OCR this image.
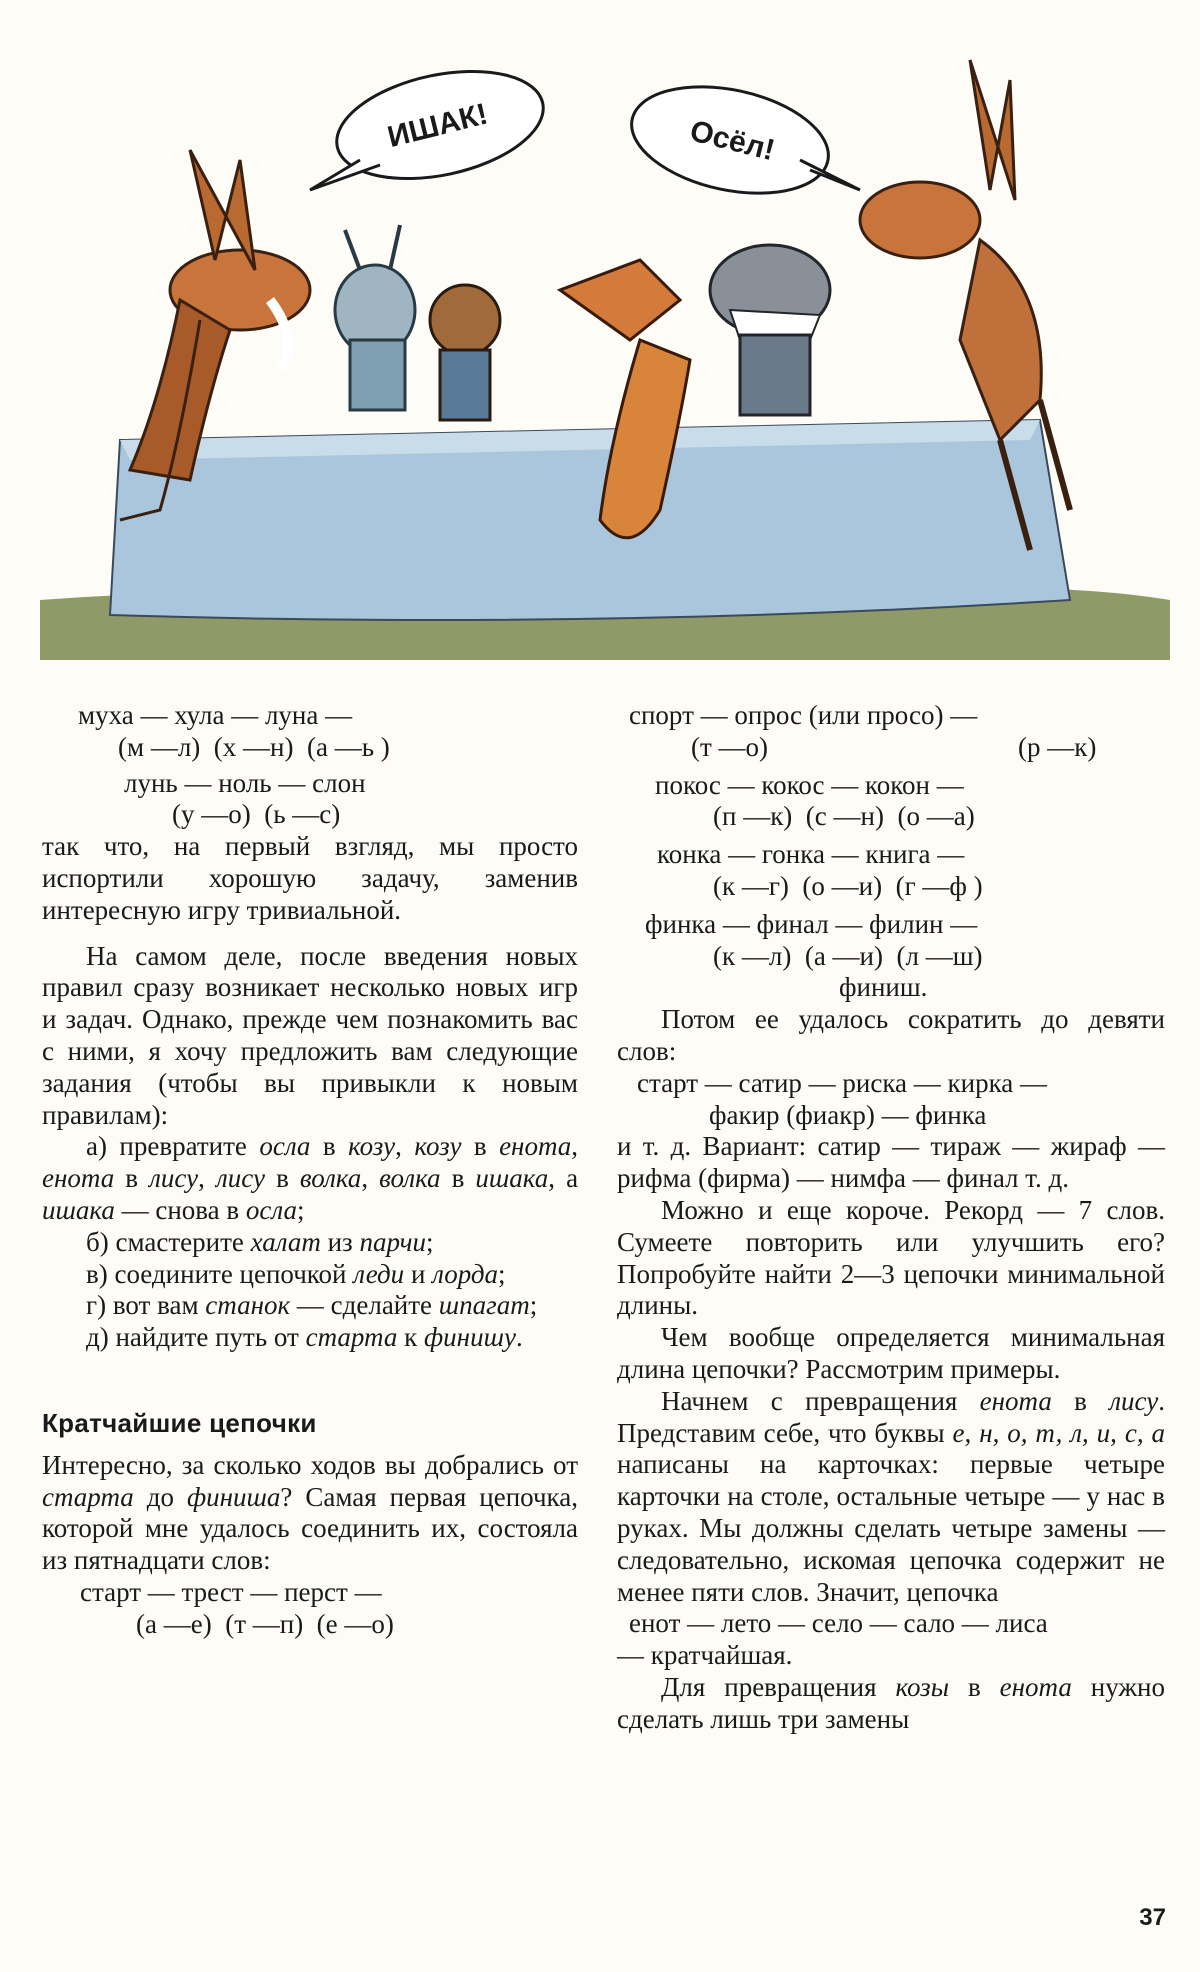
ИШАК!	Осёл!

муха — хула — луна —

(м —л)  (х —н)  (а —ь )

лунь — ноль — слон

(у —о)  (ь —с)

так что, на первый взгляд, мы просто испортили хорошую задачу, заменив интересную игру тривиальной.

На самом деле, после введения новых правил сразу возникает несколько новых игр и задач. Однако, прежде чем познакомить вас с ними, я хочу предложить вам следующие задания (чтобы вы привыкли к новым правилам):

а) превратите осла в козу, козу в енота, енота в лису, лису в волка, волка в ишака, а ишака — снова в осла;

б) смастерите халат из парчи;

в) соедините цепочкой леди и лорда;

г) вот вам станок — сделайте шпагат;

д) найдите путь от старта к финишу.

Кратчайшие цепочки

Интересно, за сколько ходов вы добрались от старта до финиша? Самая первая цепочка, которой мне удалось соединить их, состояла из пятнадцати слов:

старт — трест — перст —

(а —е)  (т —п)  (е —о)

спорт — опрос (или просо) —

(т —о)	(р —к)

покос — кокос — кокон —

(п —к)  (с —н)  (о —а)

конка — гонка — книга —

(к —г)  (о —и)  (г —ф )

финка — финал — филин —

(к —л)  (а —и)  (л —ш)

финиш.

Потом ее удалось сократить до девяти слов:

старт — сатир — риска — кирка —

факир (фиакр) — финка

и т. д. Вариант: сатир — тираж — жираф — рифма (фирма) — нимфа — финал т. д.

Можно и еще короче. Рекорд — 7 слов. Сумеете повторить или улучшить его? Попробуйте найти 2—3 цепочки минимальной длины.

Чем вообще определяется минимальная длина цепочки? Рассмотрим примеры.

Начнем с превращения енота в лису. Представим себе, что буквы е, н, о, т, л, и, с, а написаны на карточках: первые четыре карточки на столе, остальные четыре — у нас в руках. Мы должны сделать четыре замены — следовательно, искомая цепочка содержит не менее пяти слов. Значит, цепочка

енот — лето — село — сало — лиса

— кратчайшая.

Для превращения козы в енота нужно сделать лишь три замены

37
